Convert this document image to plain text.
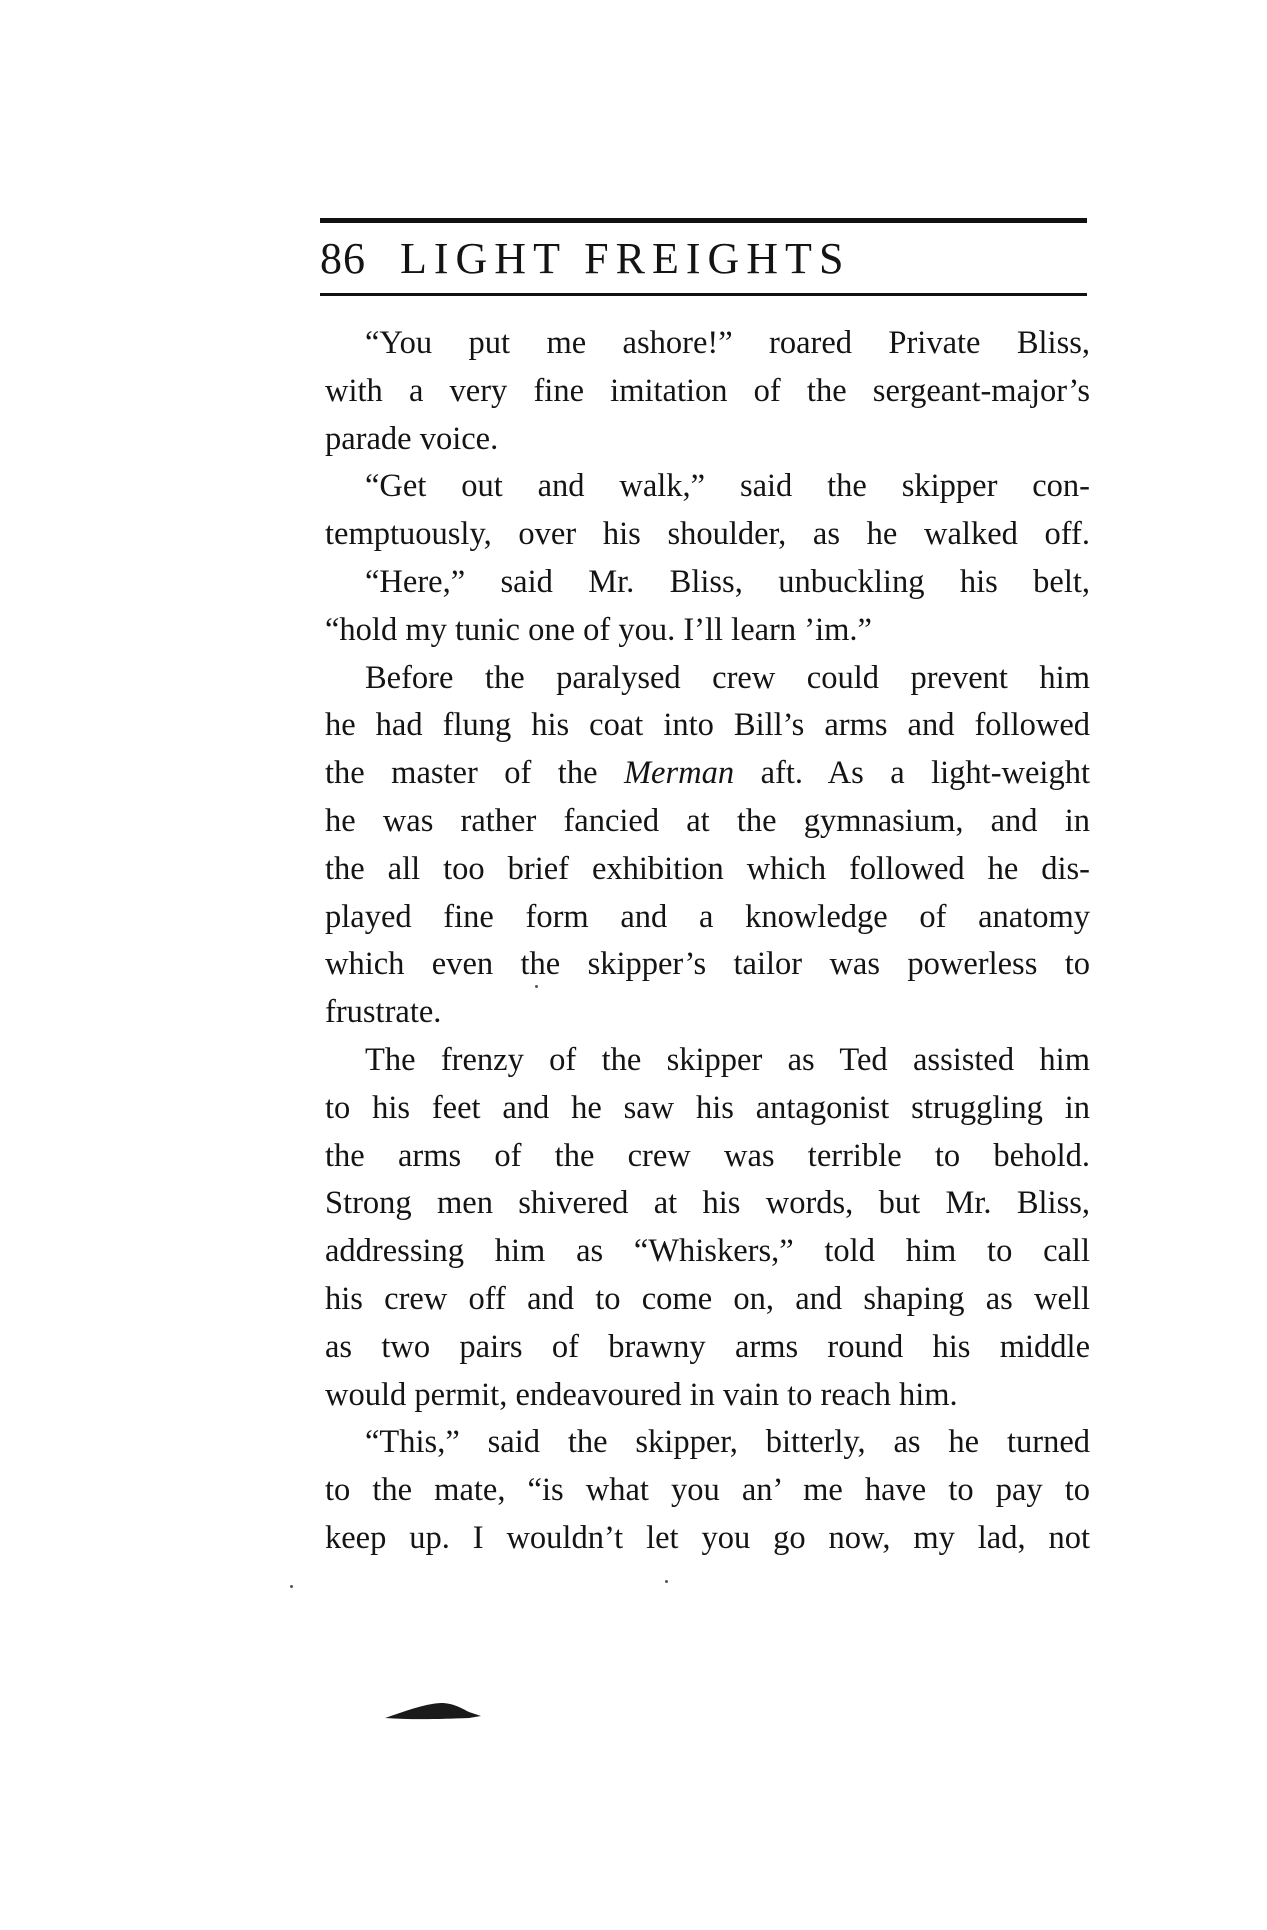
86 LIGHT FREIGHTS
“You put me ashore!” roared Private Bliss,
with a very fine imitation of the sergeant-major’s
parade voice.
“Get out and walk,” said the skipper con-
temptuously, over his shoulder, as he walked off.
“Here,” said Mr. Bliss, unbuckling his belt,
“hold my tunic one of you. I’ll learn ’im.”
Before the paralysed crew could prevent him
he had flung his coat into Bill’s arms and followed
the master of the Merman aft. As a light-weight
he was rather fancied at the gymnasium, and in
the all too brief exhibition which followed he dis-
played fine form and a knowledge of anatomy
which even the skipper’s tailor was powerless to
frustrate.
The frenzy of the skipper as Ted assisted him
to his feet and he saw his antagonist struggling in
the arms of the crew was terrible to behold.
Strong men shivered at his words, but Mr. Bliss,
addressing him as “Whiskers,” told him to call
his crew off and to come on, and shaping as well
as two pairs of brawny arms round his middle
would permit, endeavoured in vain to reach him.
“This,” said the skipper, bitterly, as he turned
to the mate, “is what you an’ me have to pay to
keep up. I wouldn’t let you go now, my lad, not
